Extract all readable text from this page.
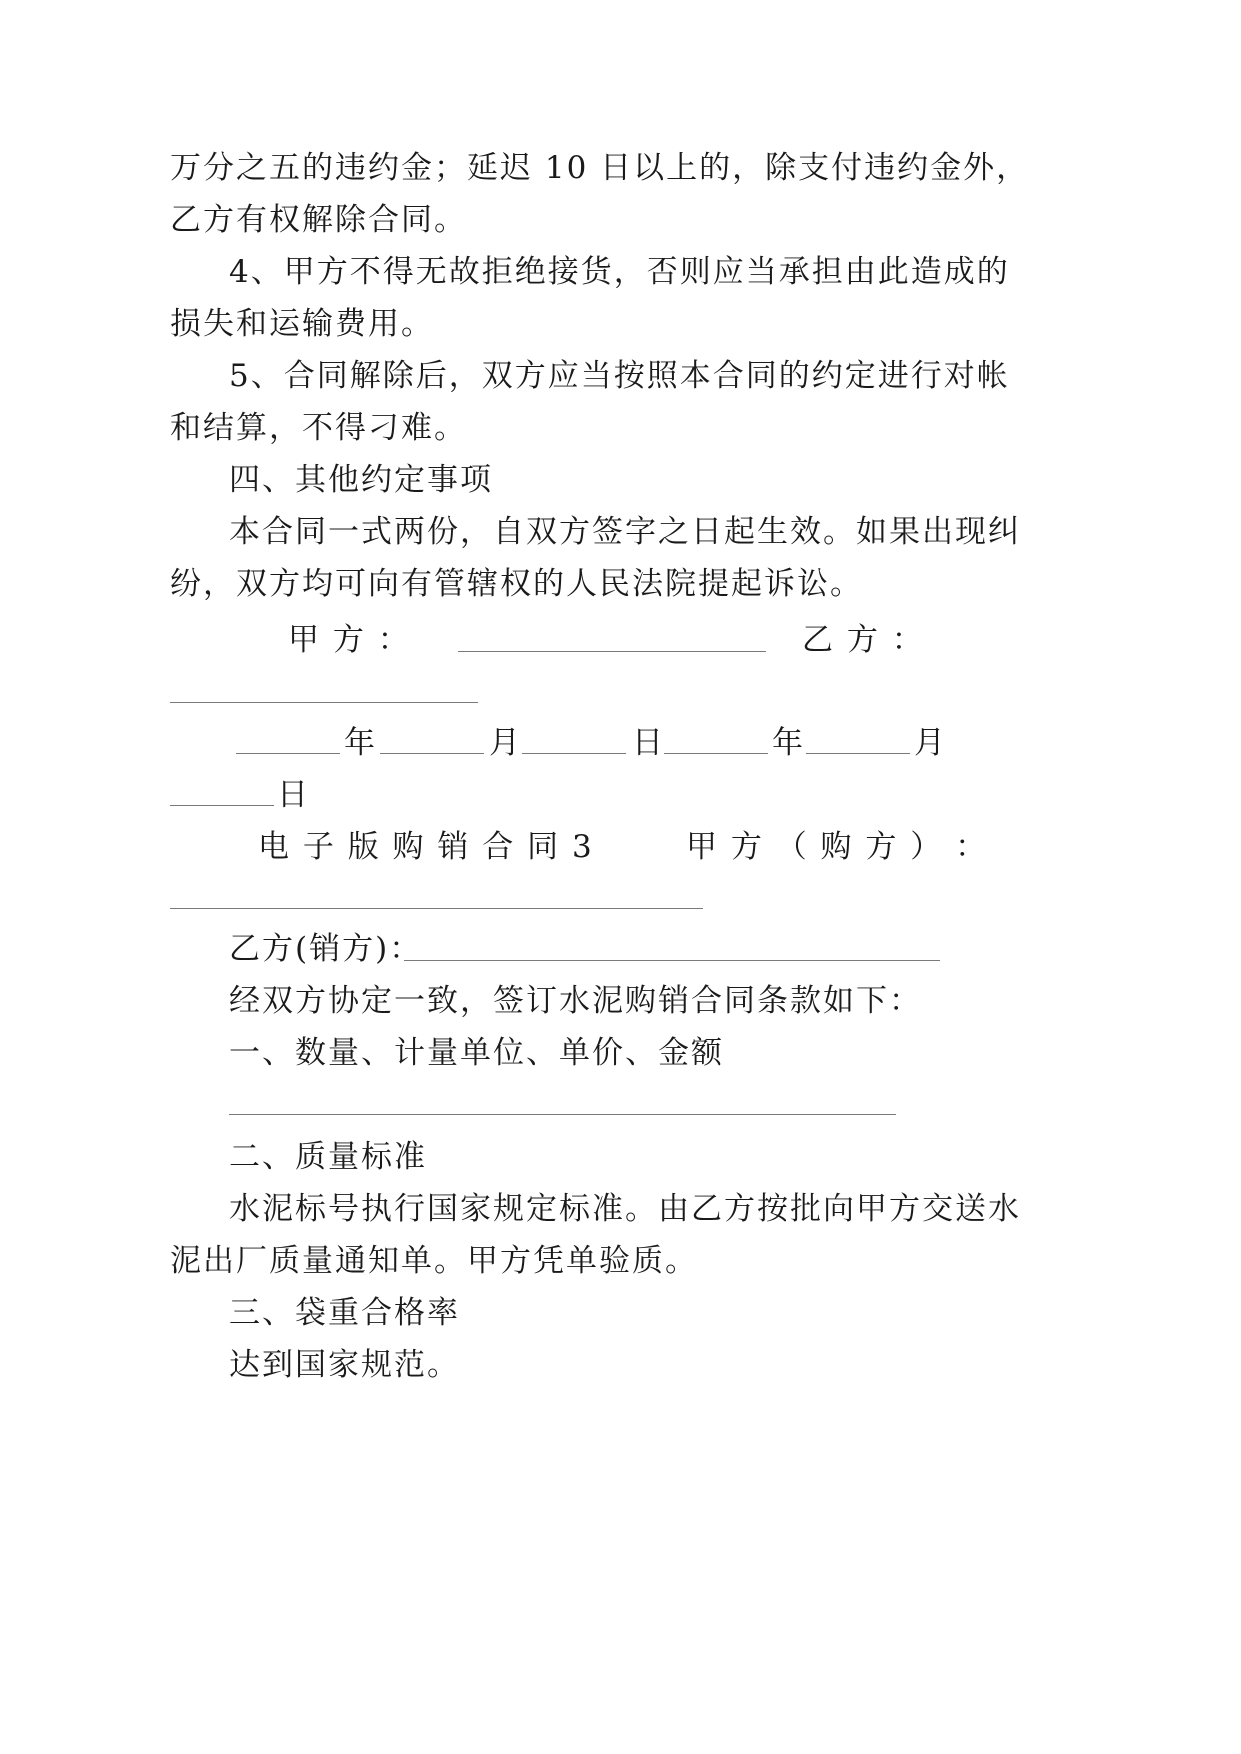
万分之五的违约金；延迟 10 日以上的，除支付违约金外，
乙方有权解除合同。
4、甲方不得无故拒绝接货，否则应当承担由此造成的
损失和运输费用。
5、合同解除后，双方应当按照本合同的约定进行对帐
和结算，不得刁难。
四、其他约定事项
本合同一式两份，自双方签字之日起生效。如果出现纠
纷，双方均可向有管辖权的人民法院提起诉讼。
甲 方 ：	乙 方 ：
年	月	日	年	月
日
电 子 版 购 销 合 同 3	甲 方 （ 购 方 ） ：
乙方(销方)：
经双方协定一致，签订水泥购销合同条款如下：
一、数量、计量单位、单价、金额
二、质量标准
水泥标号执行国家规定标准。由乙方按批向甲方交送水
泥出厂质量通知单。甲方凭单验质。
三、袋重合格率
达到国家规范。
